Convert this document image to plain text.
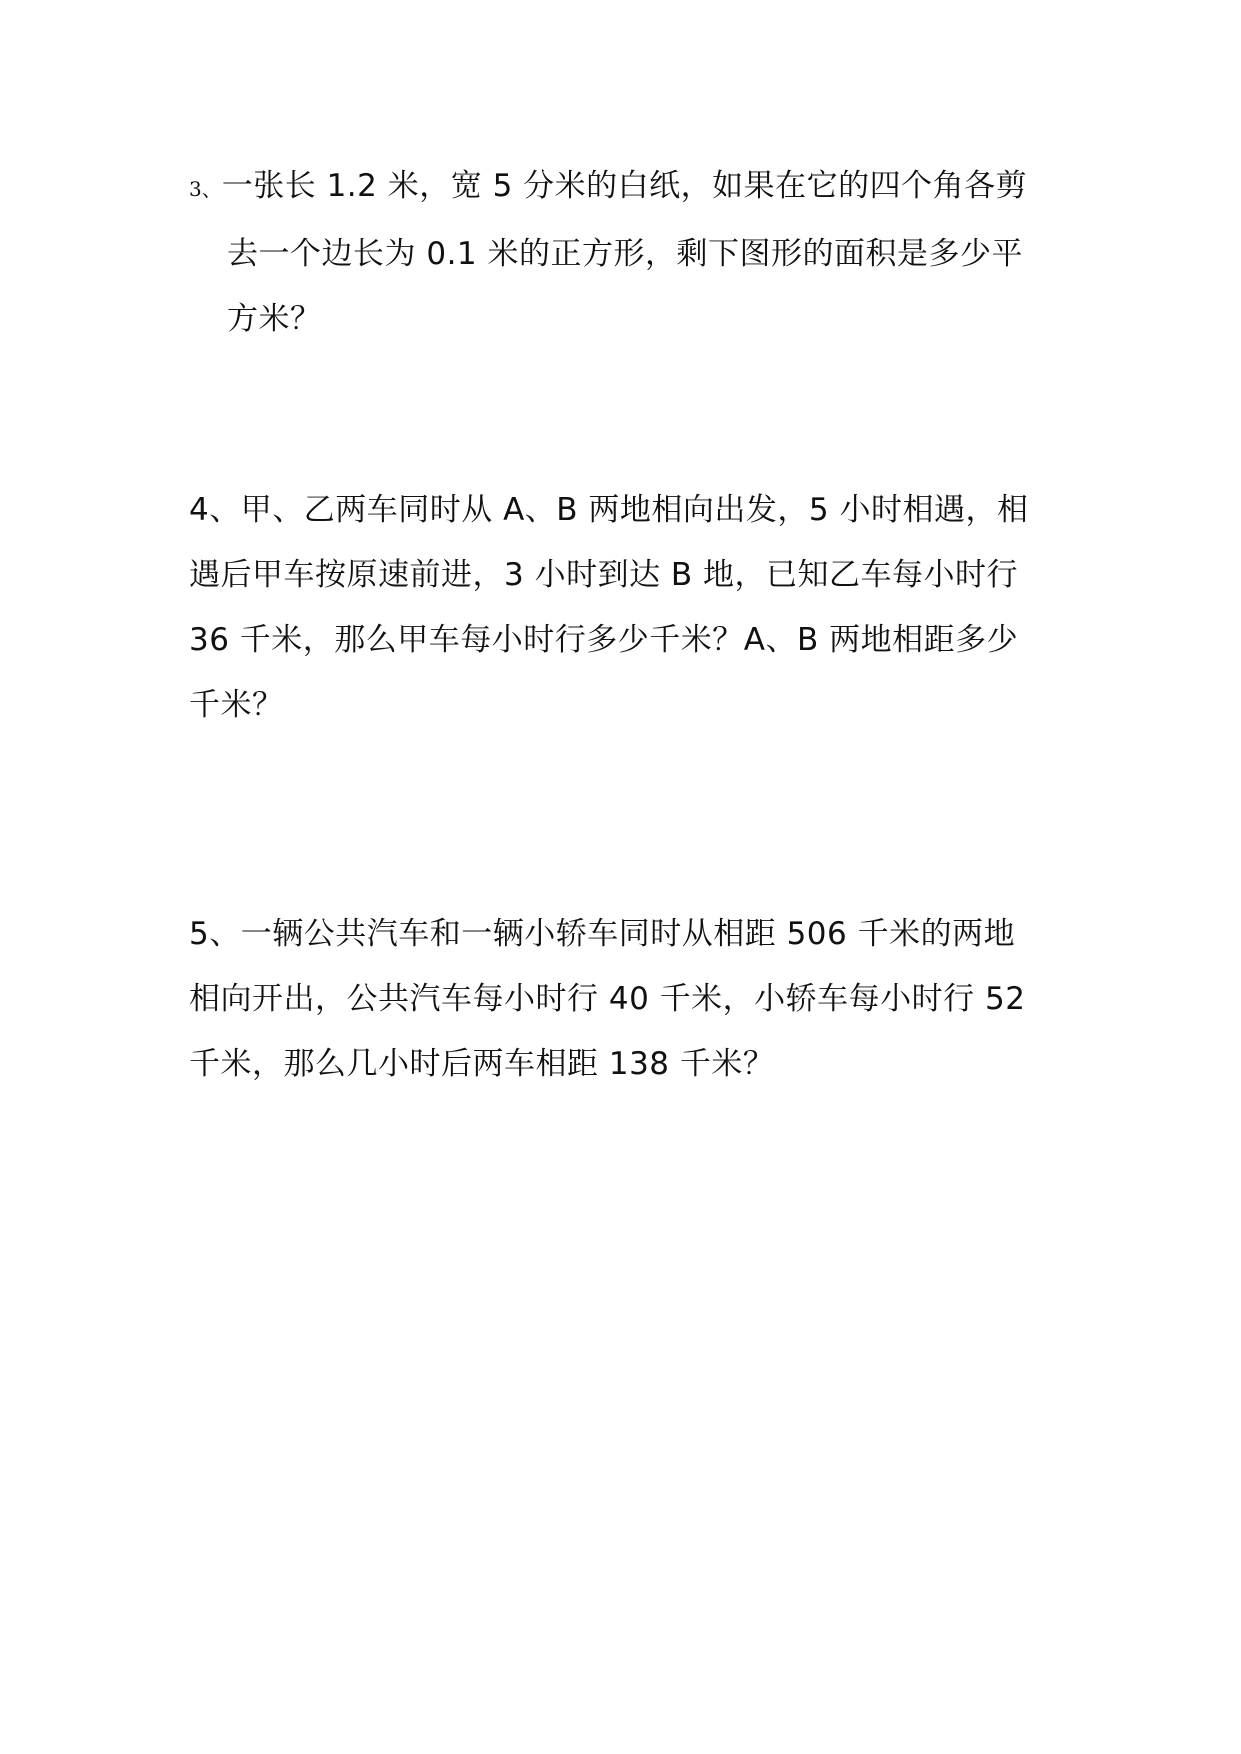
3、一张长 1.2 米，宽 5 分米的白纸，如果在它的四个角各剪
去一个边长为 0.1 米的正方形，剩下图形的面积是多少平
方米？
4、甲、乙两车同时从 A、B 两地相向出发，5 小时相遇，相
遇后甲车按原速前进，3 小时到达 B 地，已知乙车每小时行
36 千米，那么甲车每小时行多少千米？A、B 两地相距多少
千米？
5、一辆公共汽车和一辆小轿车同时从相距 506 千米的两地
相向开出，公共汽车每小时行 40 千米，小轿车每小时行 52
千米，那么几小时后两车相距 138 千米？
